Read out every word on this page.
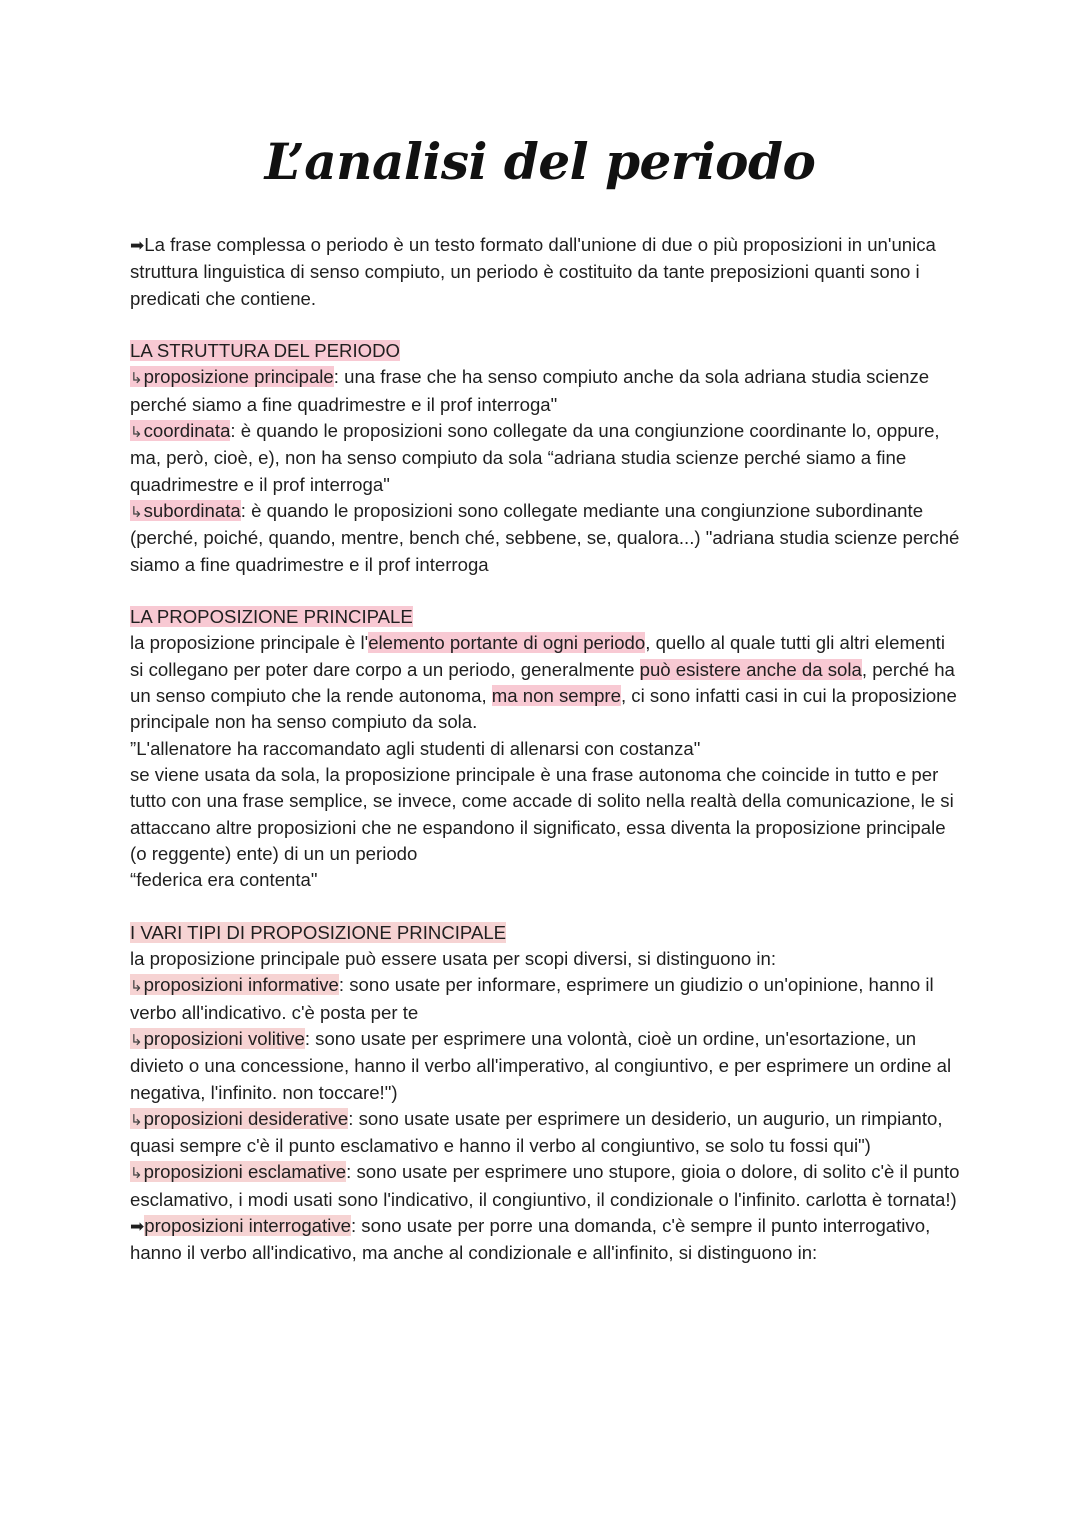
L’analisi del periodo

➡La frase complessa o periodo è un testo formato dall'unione di due o più proposizioni in un'unica struttura linguistica di senso compiuto, un periodo è costituito da tante preposizioni quanti sono i predicati che contiene.

LA STRUTTURA DEL PERIODO

↳proposizione principale: una frase che ha senso compiuto anche da sola adriana studia scienze perché siamo a fine quadrimestre e il prof interroga"

↳coordinata: è quando le proposizioni sono collegate da una congiunzione coordinante lo, oppure, ma, però, cioè, e), non ha senso compiuto da sola “adriana studia scienze perché siamo a fine quadrimestre e il prof interroga"

↳subordinata: è quando le proposizioni sono collegate mediante una congiunzione subordinante (perché, poiché, quando, mentre, bench ché, sebbene, se, qualora...) "adriana studia scienze perché siamo a fine quadrimestre e il prof interroga

LA PROPOSIZIONE PRINCIPALE

la proposizione principale è l'elemento portante di ogni periodo, quello al quale tutti gli altri elementi si collegano per poter dare corpo a un periodo, generalmente può esistere anche da sola, perché ha un senso compiuto che la rende autonoma, ma non sempre, ci sono infatti casi in cui la proposizione principale non ha senso compiuto da sola.

”L'allenatore ha raccomandato agli studenti di allenarsi con costanza"

se viene usata da sola, la proposizione principale è una frase autonoma che coincide in tutto e per tutto con una frase semplice, se invece, come accade di solito nella realtà della comunicazione, le si attaccano altre proposizioni che ne espandono il significato, essa diventa la proposizione principale (o reggente) ente) di un un periodo

“federica era contenta"

I VARI TIPI DI PROPOSIZIONE PRINCIPALE

la proposizione principale può essere usata per scopi diversi, si distinguono in:

↳proposizioni informative: sono usate per informare, esprimere un giudizio o un'opinione, hanno il verbo all'indicativo. c'è posta per te

↳proposizioni volitive: sono usate per esprimere una volontà, cioè un ordine, un'esortazione, un divieto o una concessione, hanno il verbo all'imperativo, al congiuntivo, e per esprimere un ordine al negativa, l'infinito. non toccare!")

↳proposizioni desiderative: sono usate usate per esprimere un desiderio, un augurio, un rimpianto, quasi sempre c'è il punto esclamativo e hanno il verbo al congiuntivo, se solo tu fossi qui")

↳proposizioni esclamative: sono usate per esprimere uno stupore, gioia o dolore, di solito c'è il punto esclamativo, i modi usati sono l'indicativo, il congiuntivo, il condizionale o l'infinito. carlotta è tornata!)

➡proposizioni interrogative: sono usate per porre una domanda, c'è sempre il punto interrogativo, hanno il verbo all'indicativo, ma anche al condizionale e all'infinito, si distinguono in:
